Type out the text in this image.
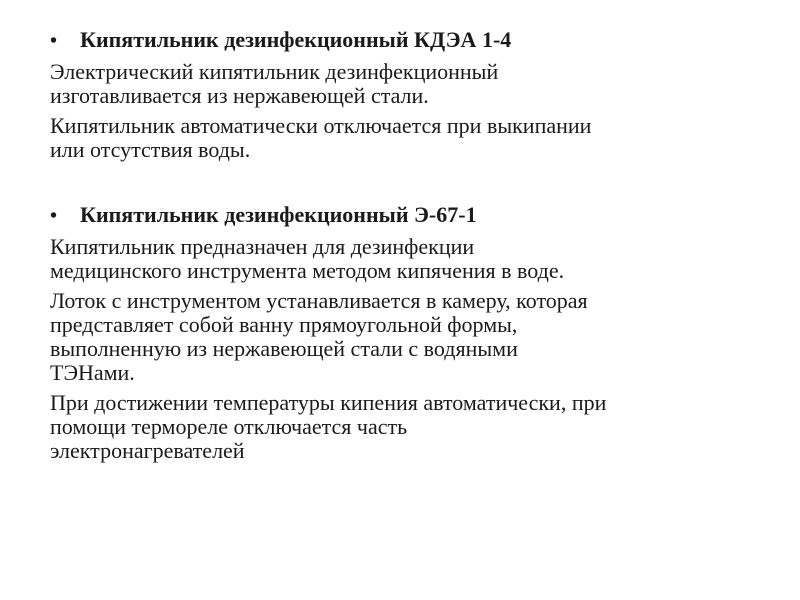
•	Кипятильник дезинфекционный КДЭА 1-4

Электрический кипятильник дезинфекционный
изготавливается из нержавеющей стали.

Кипятильник автоматически отключается при выкипании
или отсутствия воды.

•	Кипятильник дезинфекционный Э-67-1

Кипятильник предназначен для дезинфекции
медицинского инструмента методом кипячения в воде.

Лоток с инструментом устанавливается в камеру, которая
представляет собой ванну прямоугольной формы,
выполненную из нержавеющей стали с водяными
ТЭНами.

При достижении температуры кипения автоматически, при
помощи термореле отключается часть
электронагревателей
